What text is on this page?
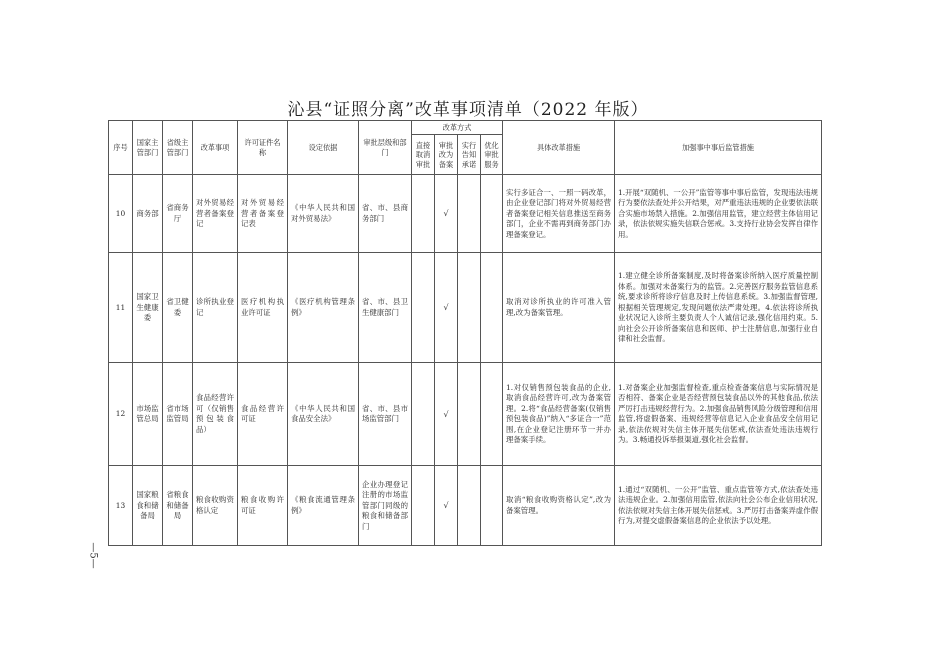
沁县“证照分离”改革事项清单（2022 年版）
序号	国家主管部门	省级主管部门	改革事项	许可证件名称	设定依据	审批层级和部门	改革方式				具体改革措施	加强事中事后监管措施
							直接取消审批	审批改为备案	实行告知承诺	优化审批服务		
10	商务部	省商务厅	对外贸易经营者备案登记	对外贸易经营者备案登记表	《中华人民共和国对外贸易法》	省、市、县商务部门		√			实行多证合一、一照一码改革，由企业登记部门将对外贸易经营者备案登记相关信息推送至商务部门，企业不需再到商务部门办理备案登记。	1.开展“双随机、一公开”监管等事中事后监管，发现违法违规行为要依法查处并公开结果，对严重违法违规的企业要依法联合实施市场禁入措施。2.加强信用监管，建立经营主体信用记录，依法依规实施失信联合惩戒。3.支持行业协会发挥自律作用。
11	国家卫生健康委	省卫健委	诊所执业登记	医疗机构执业许可证	《医疗机构管理条例》	省、市、县卫生健康部门		√			取消对诊所执业的许可准入管理,改为备案管理。	1.建立健全诊所备案制度,及时将备案诊所纳入医疗质量控制体系。加强对未备案行为的监管。2.完善医疗服务监管信息系统,要求诊所将诊疗信息及时上传信息系统。3.加强监督管理,根据相关管理规定,发现问题依法严肃处理。4.依法将诊所执业状况记入诊所主要负责人个人诚信记录,强化信用约束。5.向社会公开诊所备案信息和医师、护士注册信息,加强行业自律和社会监督。
12	市场监管总局	省市场监管局	食品经营许可（仅销售预包装食品）	食品经营许可证	《中华人民共和国食品安全法》	省、市、县市场监管部门		√			1.对仅销售预包装食品的企业,取消食品经营许可,改为备案管理。2.将“食品经营备案(仅销售预包装食品)”纳入“多证合一”范围,在企业登记注册环节一并办理备案手续。	1.对备案企业加强监督检查,重点检查备案信息与实际情况是否相符、备案企业是否经营预包装食品以外的其他食品,依法严厉打击违规经营行为。2.加强食品销售风险分级管理和信用监管,将虚假备案、违规经营等信息记入企业食品安全信用记录,依法依规对失信主体开展失信惩戒,依法查处违法违规行为。3.畅通投诉举报渠道,强化社会监督。
13	国家粮食和储备局	省粮食和储备局	粮食收购资格认定	粮食收购许可证	《粮食流通管理条例》	企业办理登记注册的市场监管部门同级的粮食和储备部门		√			取消“粮食收购资格认定”,改为备案管理。	1.通过“双随机、一公开”监管、重点监管等方式,依法查处违法违规企业。2.加强信用监管,依法向社会公布企业信用状况,依法依规对失信主体开展失信惩戒。3.严厉打击备案弄虚作假行为,对提交虚假备案信息的企业依法予以处理。
—5—
